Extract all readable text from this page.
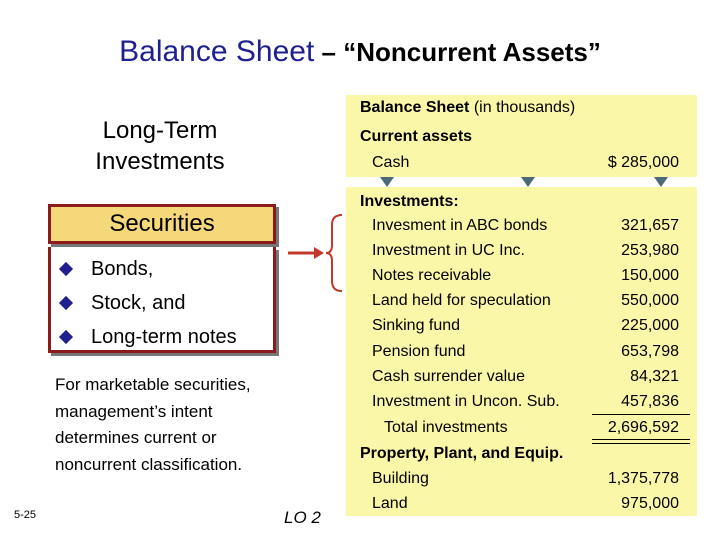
Balance Sheet – “Noncurrent Assets”
Long-Term
Investments
Securities
Bonds,
Stock, and
Long-term notes
For marketable securities,
management’s intent
determines current or
noncurrent classification.
5-25	LO 2
Balance Sheet (in thousands)
Current assets
Cash	$ 285,000
Investments:
Invesment in ABC bonds	321,657
Investment in UC Inc.	253,980
Notes receivable	150,000
Land held for speculation	550,000
Sinking fund	225,000
Pension fund	653,798
Cash surrender value	84,321
Investment in Uncon. Sub.	457,836
Total investments	2,696,592
Property, Plant, and Equip.
Building	1,375,778
Land	975,000
